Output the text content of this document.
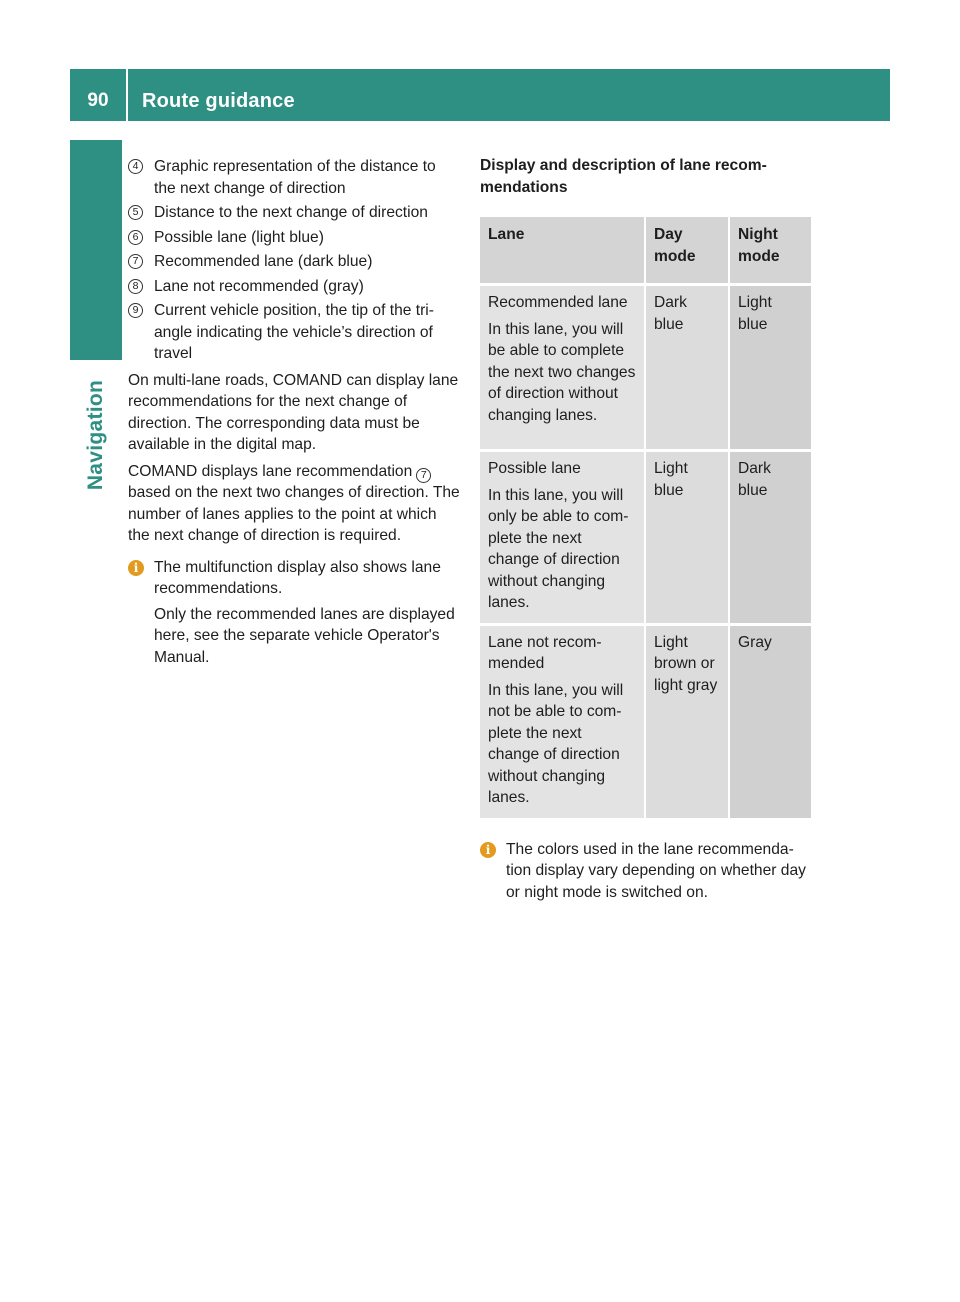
90	Route guidance
Navigation
4 Graphic representation of the distance to the next change of direction
5 Distance to the next change of direction
6 Possible lane (light blue)
7 Recommended lane (dark blue)
8 Lane not recommended (gray)
9 Current vehicle position, the tip of the tri-angle indicating the vehicle’s direction of travel

On multi-lane roads, COMAND can display lane recommendations for the next change of direction. The corresponding data must be available in the digital map.

COMAND displays lane recommendation 7 based on the next two changes of direction. The number of lanes applies to the point at which the next change of direction is required.

i	The multifunction display also shows lane recommendations.

Only the recommended lanes are displayed here, see the separate vehicle Operator's Manual.

Display and description of lane recom-mendations
Lane	Day mode	Night mode

Recommended lane
In this lane, you will be able to complete the next two changes of direction without changing lanes.	Dark blue	Light blue

Possible lane
In this lane, you will only be able to com-plete the next change of direction without changing lanes.	Light blue	Dark blue

Lane not recom-mended
In this lane, you will not be able to com-plete the next change of direction without changing lanes.	Light brown or light gray	Gray
i	The colors used in the lane recommenda-tion display vary depending on whether day or night mode is switched on.
